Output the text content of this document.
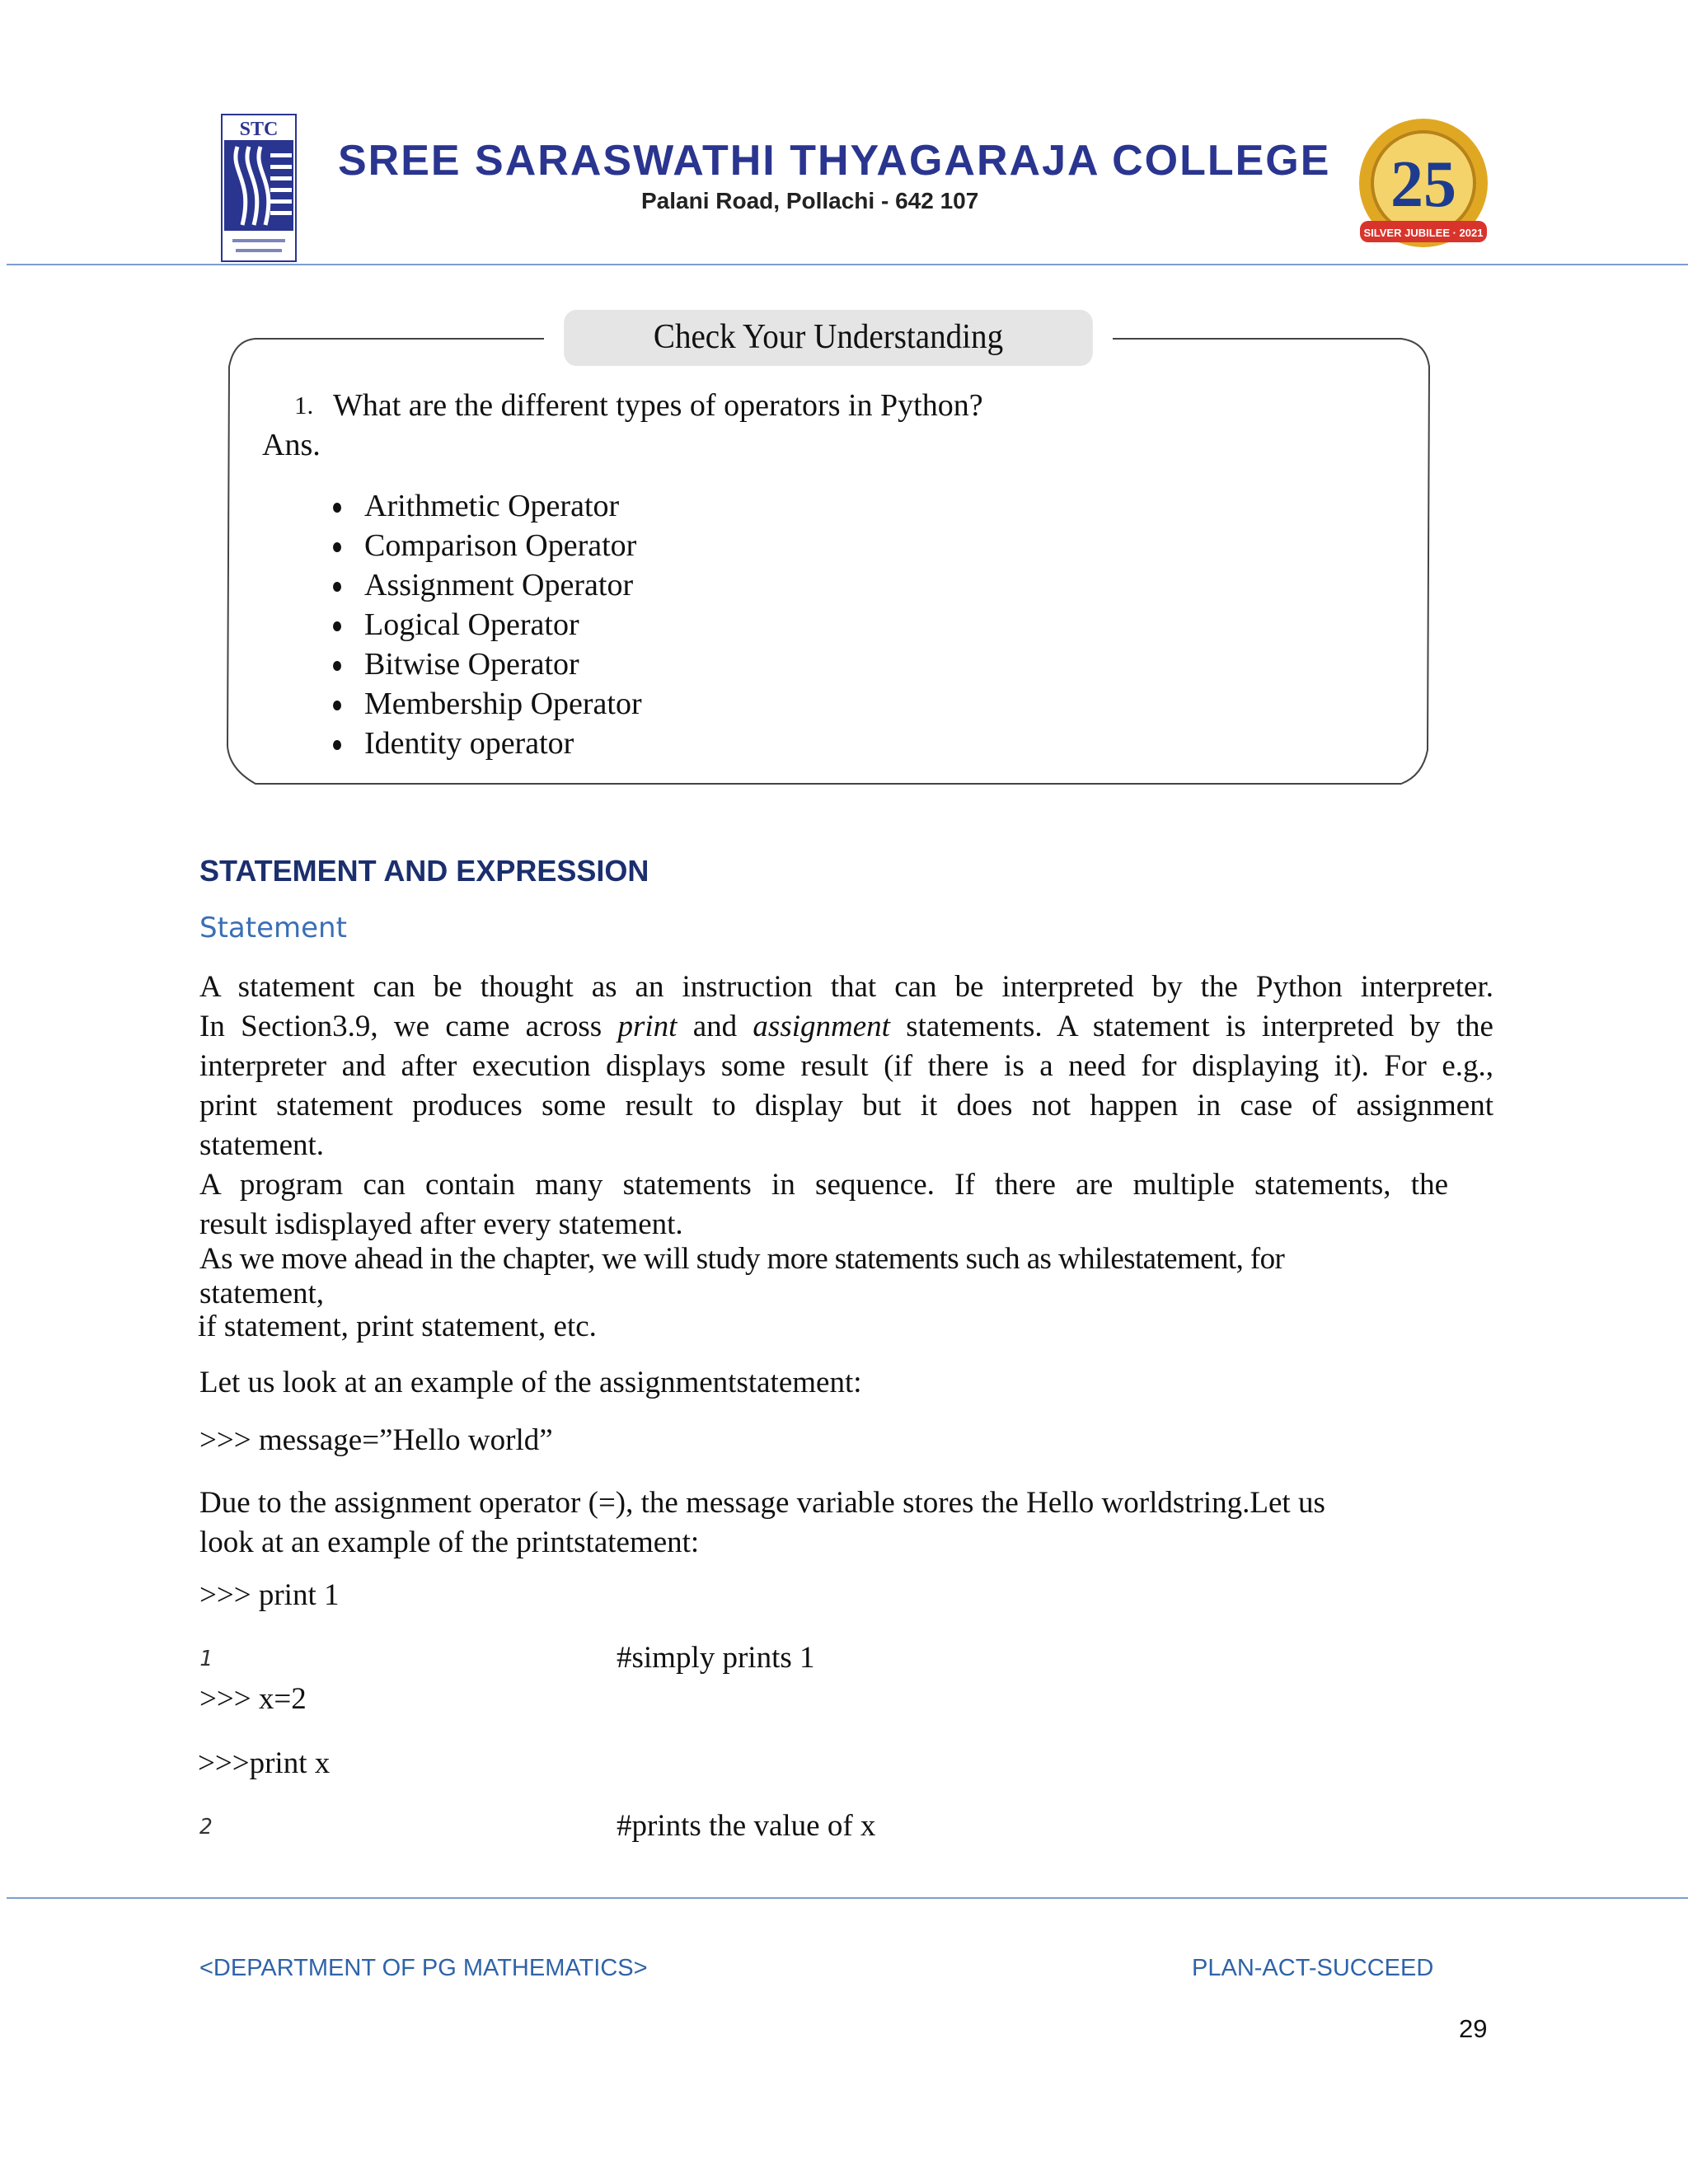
STC
SREE SARASWATHI THYAGARAJA COLLEGE
Palani Road, Pollachi - 642 107	25
SILVER JUBILEE · 2021
Check Your Understanding
1. What are the different types of operators in Python?
Ans.
Arithmetic Operator
Comparison Operator
Assignment Operator
Logical Operator
Bitwise Operator
Membership Operator
Identity operator
STATEMENT AND EXPRESSION
Statement
A statement can be thought as an instruction that can be interpreted by the Python interpreter.
In Section3.9, we came across print and assignment statements. A statement is interpreted by the
interpreter and after execution displays some result (if there is a need for displaying it). For e.g.,
print statement produces some result to display but it does not happen in case of assignment
statement.
A program can contain many statements in sequence. If there are multiple statements, the
result isdisplayed after every statement.
As we move ahead in the chapter, we will study more statements such as whilestatement, for
statement,
if statement, print statement, etc.
Let us look at an example of the assignmentstatement:
>>> message=”Hello world”
Due to the assignment operator (=), the message variable stores the Hello worldstring.Let us
look at an example of the printstatement:
>>> print 1
1	#simply prints 1
>>> x=2
>>>print x
2	#prints the value of x
<DEPARTMENT OF PG MATHEMATICS>	PLAN-ACT-SUCCEED
29
